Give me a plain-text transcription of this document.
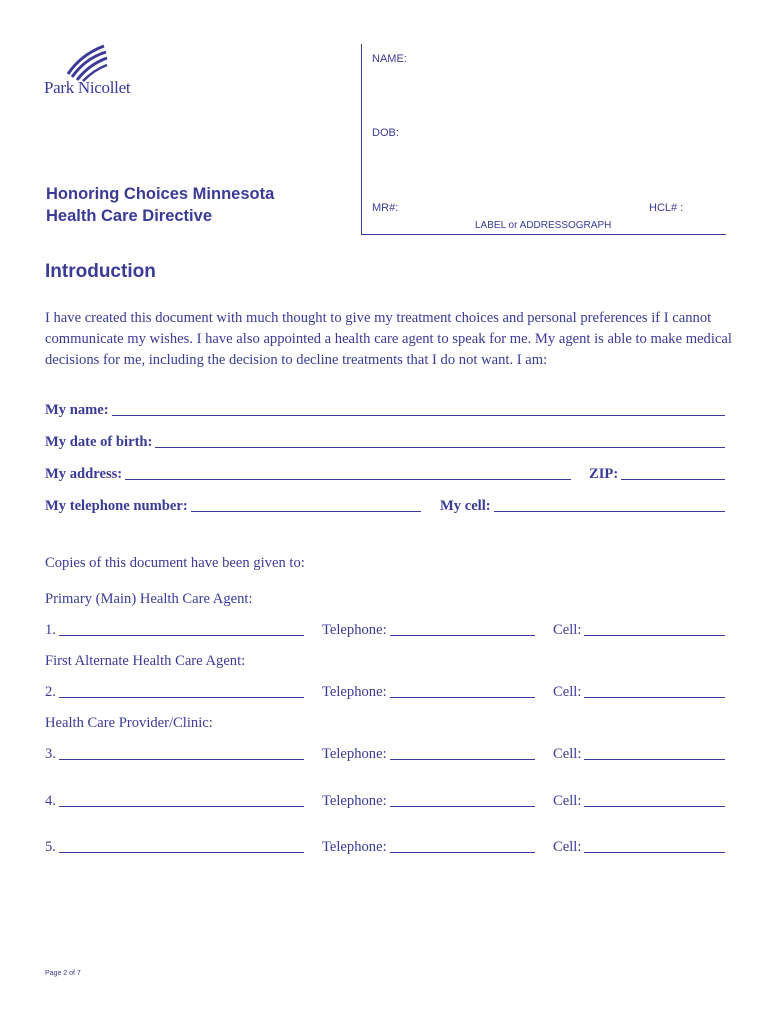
Park Nicollet
NAME:
DOB:
MR#:	HCL# :
LABEL or ADDRESSOGRAPH
Honoring Choices Minnesota
Health Care Directive
Introduction
I have created this document with much thought to give my treatment choices and personal preferences if I cannot communicate my wishes. I have also appointed a health care agent to speak for me. My agent is able to make medical decisions for me, including the decision to decline treatments that I do not want. I am:
My name:
My date of birth:
My address:	ZIP:
My telephone number:	My cell:
Copies of this document have been given to:
Primary (Main) Health Care Agent:
1.	Telephone:	Cell:
First Alternate Health Care Agent:
2.	Telephone:	Cell:
Health Care Provider/Clinic:
3.	Telephone:	Cell:
4.	Telephone:	Cell:
5.	Telephone:	Cell:
Page 2 of 7
